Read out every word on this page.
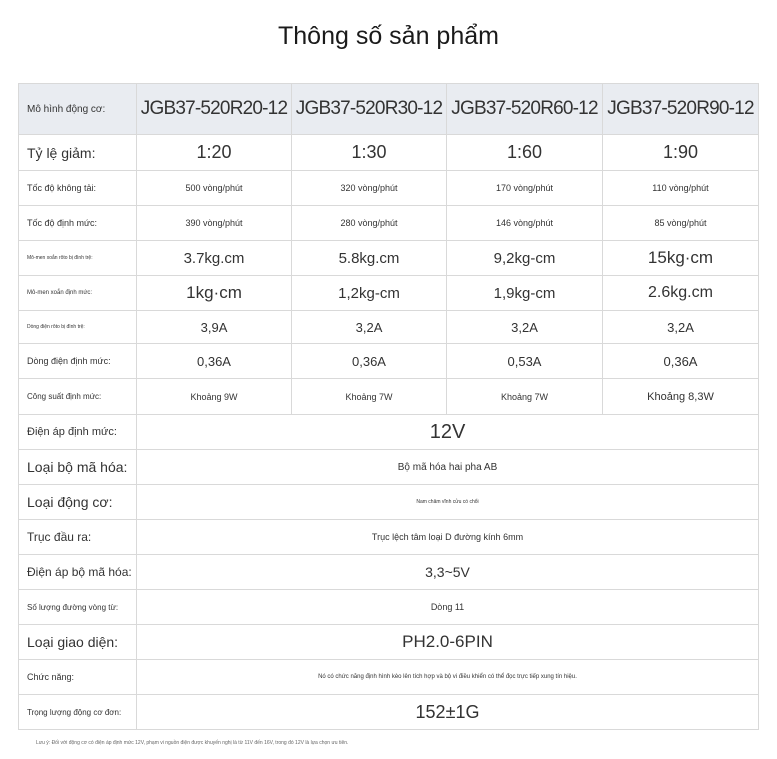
Thông số sản phẩm
Mô hình động cơ:	JGB37-520R20-12	JGB37-520R30-12	JGB37-520R60-12	JGB37-520R90-12
Tỷ lệ giảm:	1:20	1:30	1:60	1:90
Tốc độ không tải:	500 vòng/phút	320 vòng/phút	170 vòng/phút	110 vòng/phút
Tốc độ định mức:	390 vòng/phút	280 vòng/phút	146 vòng/phút	85 vòng/phút
Mô-men xoắn rôto bị đình trệ:	3.7kg.cm	5.8kg.cm	9,2kg-cm	15kg·cm
Mô-men xoắn định mức:	1kg·cm	1,2kg-cm	1,9kg-cm	2.6kg.cm
Dòng điện rôto bị đình trệ:	3,9A	3,2A	3,2A	3,2A
Dòng điện định mức:	0,36A	0,36A	0,53A	0,36A
Công suất định mức:	Khoảng 9W	Khoảng 7W	Khoảng 7W	Khoảng 8,3W
Điện áp định mức:	12V			
Loại bộ mã hóa:	Bộ mã hóa hai pha AB			
Loại động cơ:	Nam châm vĩnh cửu có chổi			
Trục đầu ra:	Trục lệch tâm loại D đường kính 6mm			
Điện áp bộ mã hóa:	3,3~5V			
Số lượng đường vòng từ:	Dòng 11			
Loại giao diện:	PH2.0-6PIN			
Chức năng:	Nó có chức năng định hình kèo lên tích hợp và bộ vi điều khiển có thể đọc trực tiếp xung tín hiệu.			
Trọng lượng động cơ đơn:	152±1G			
Lưu ý: Đối với động cơ có điện áp định mức 12V, phạm vi nguồn điện được khuyến nghị là từ 11V đến 16V, trong đó 12V là lựa chọn ưu tiên.
